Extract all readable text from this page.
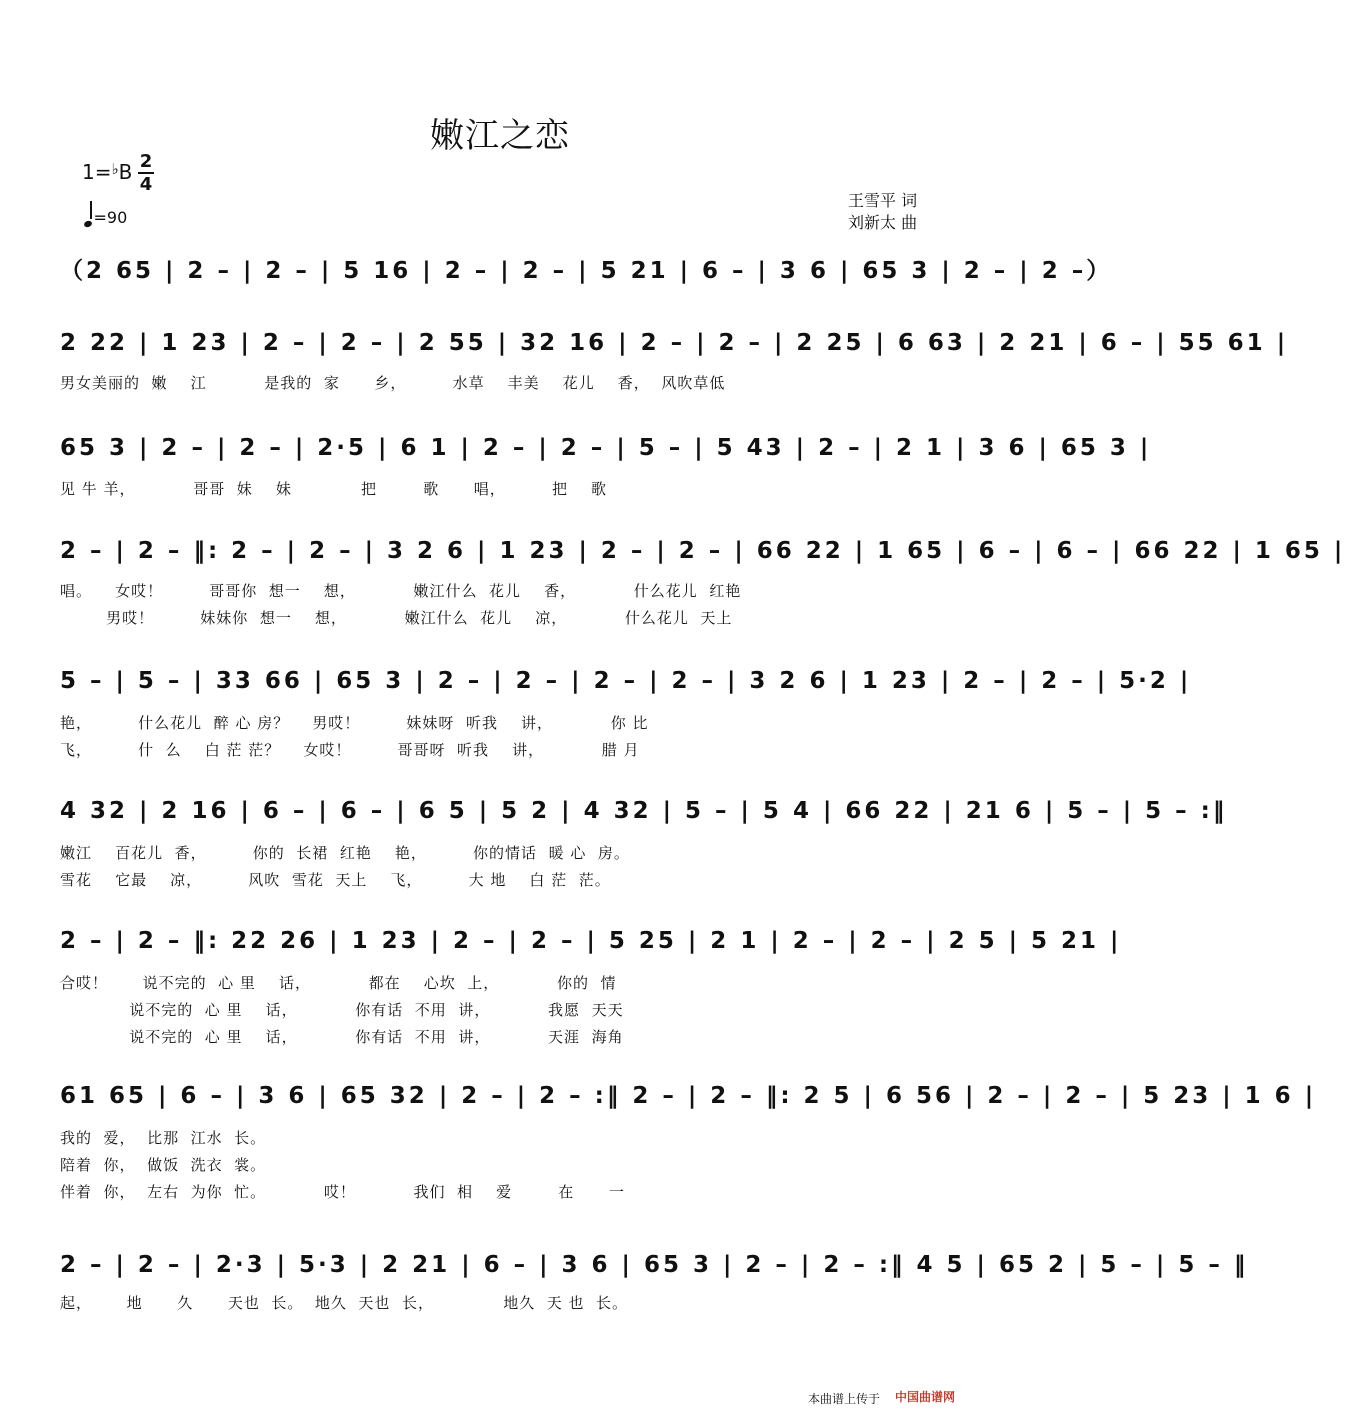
嫩江之恋
1=♭B 2
4
=90
王雪平 词
刘新太 曲
（2 65 | 2 – | 2 – | 5 16 | 2 – | 2 – | 5 21 | 6 – | 3 6 | 65 3 | 2 – | 2 –）
2 22 | 1 23 | 2 – | 2 – | 2 55 | 32 16 | 2 – | 2 – | 2 25 | 6 63 | 2 21 | 6 – | 55 61 |
男女美丽的  嫩    江          是我的  家      乡，        水草    丰美    花儿    香，  风吹草低
65 3 | 2 – | 2 – | 2·5 | 6 1 | 2 – | 2 – | 5 – | 5 43 | 2 – | 2 1 | 3 6 | 65 3 |
见 牛 羊，          哥哥  妹    妹            把        歌      唱，        把    歌
2 – | 2 – ‖: 2 – | 2 – | 3 2 6 | 1 23 | 2 – | 2 – | 66 22 | 1 65 | 6 – | 6 – | 66 22 | 1 65 |
唱。    女哎！        哥哥你  想一    想，          嫩江什么  花儿    香，          什么花儿  红艳
男哎！        妹妹你  想一    想，          嫩江什么  花儿    凉，          什么花儿  天上
5 – | 5 – | 33 66 | 65 3 | 2 – | 2 – | 2 – | 2 – | 3 2 6 | 1 23 | 2 – | 2 – | 5·2 |
艳，        什么花儿  醉 心 房？    男哎！        妹妹呀  听我    讲，          你 比
飞，        什  么    白 茫 茫？    女哎！        哥哥呀  听我    讲，          腊 月
4 32 | 2 16 | 6 – | 6 – | 6 5 | 5 2 | 4 32 | 5 – | 5 4 | 66 22 | 21 6 | 5 – | 5 – :‖
嫩江    百花儿  香，        你的  长裙  红艳    艳，        你的情话  暖 心  房。
雪花    它最    凉，        风吹  雪花  天上    飞，        大 地    白 茫  茫。
2 – | 2 – ‖: 22 26 | 1 23 | 2 – | 2 – | 5 25 | 2 1 | 2 – | 2 – | 2 5 | 5 21 |
合哎！      说不完的  心 里    话，          都在    心坎  上，          你的  情
说不完的  心 里    话，          你有话  不用  讲，          我愿  天天
说不完的  心 里    话，          你有话  不用  讲，          天涯  海角
61 65 | 6 – | 3 6 | 65 32 | 2 – | 2 – :‖ 2 – | 2 – ‖: 2 5 | 6 56 | 2 – | 2 – | 5 23 | 1 6 |
我的  爱，  比那  江水  长。
陪着  你，  做饭  洗衣  裳。
伴着  你，  左右  为你  忙。          哎！          我们  相    爱        在      一
2 – | 2 – | 2·3 | 5·3 | 2 21 | 6 – | 3 6 | 65 3 | 2 – | 2 – :‖ 4 5 | 65 2 | 5 – | 5 – ‖
起，      地      久      天也  长。  地久  天也  长，            地久  天 也  长。
本曲谱上传于 中国曲谱网
